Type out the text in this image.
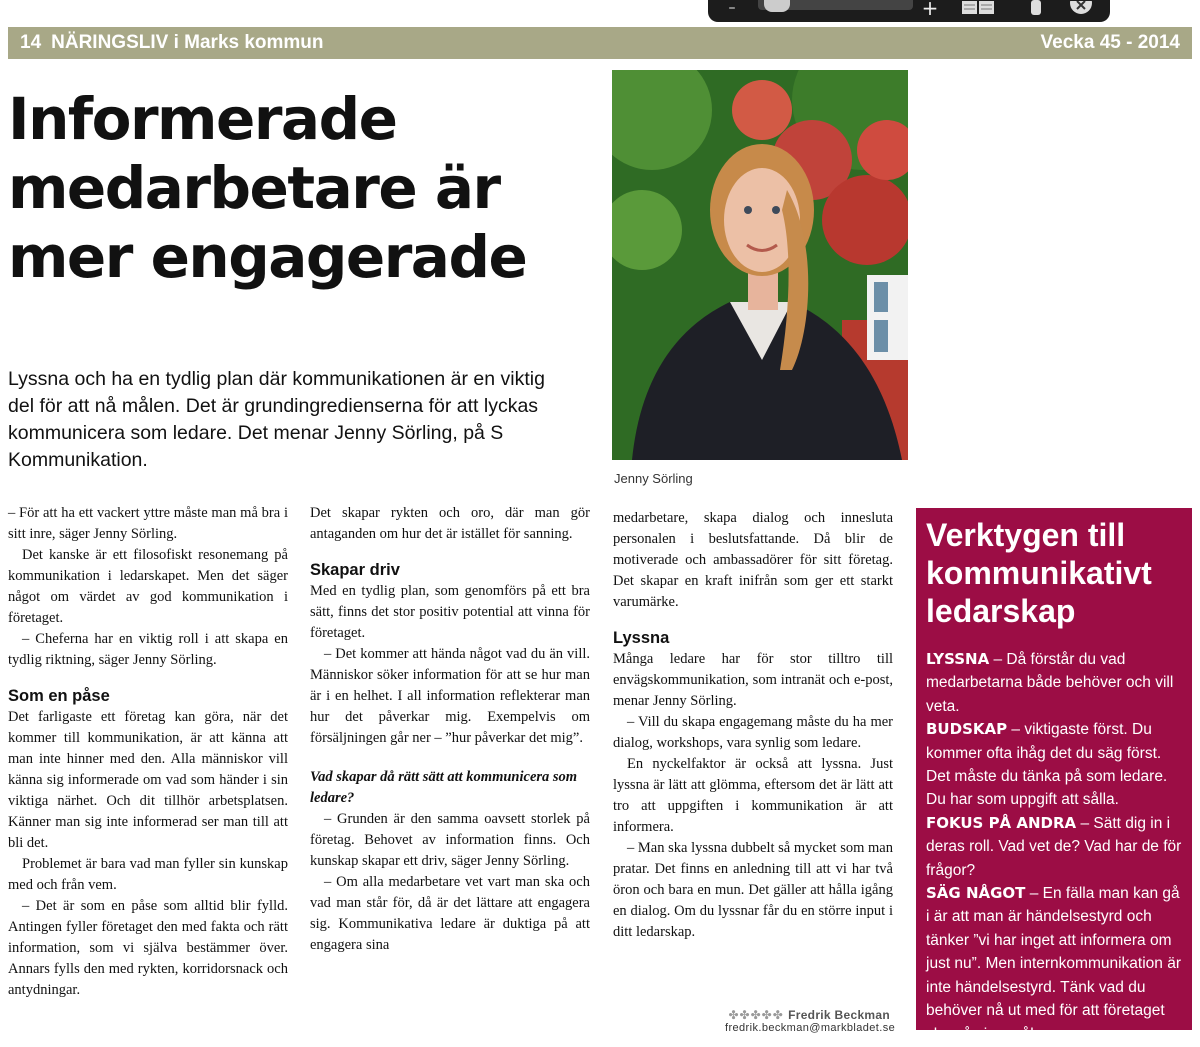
–	+
14 NÄRINGSLIV i Marks kommun	Vecka 45 - 2014
Informerade medarbetare är mer engagerade

Lyssna och ha en tydlig plan där kommunikationen är en viktig del för att nå målen. Det är grundingredienserna för att lyckas kommunicera som ledare. Det menar Jenny Sörling, på S Kommunikation.

Jenny Sörling

– För att ha ett vackert yttre måste man må bra i sitt inre, säger Jenny Sörling.

Det kanske är ett filosofiskt resonemang på kommunikation i ledarskapet. Men det säger något om värdet av god kommunikation i företaget.

– Cheferna har en viktig roll i att skapa en tydlig riktning, säger Jenny Sörling.

Som en påse

Det farligaste ett företag kan göra, när det kommer till kommunikation, är att känna att man inte hinner med den. Alla människor vill känna sig informerade om vad som händer i sin viktiga närhet. Och dit tillhör arbetsplatsen. Känner man sig inte informerad ser man till att bli det.

Problemet är bara vad man fyller sin kunskap med och från vem.

– Det är som en påse som alltid blir fylld. Antingen fyller företaget den med fakta och rätt information, som vi själva bestämmer över. Annars fylls den med rykten, korridorsnack och antydningar.

Det skapar rykten och oro, där man gör antaganden om hur det är istället för sanning.

Skapar driv

Med en tydlig plan, som genomförs på ett bra sätt, finns det stor positiv potential att vinna för företaget.

– Det kommer att hända något vad du än vill. Människor söker information för att se hur man är i en helhet. I all information reflekterar man hur det påverkar mig. Exempelvis om försäljningen går ner – ”hur påverkar det mig”.

Vad skapar då rätt sätt att kommunicera som ledare?

– Grunden är den samma oavsett storlek på företag. Behovet av information finns. Och kunskap skapar ett driv, säger Jenny Sörling.

– Om alla medarbetare vet vart man ska och vad man står för, då är det lättare att engagera sig. Kommunikativa ledare är duktiga på att engagera sina

medarbetare, skapa dialog och innesluta personalen i beslutsfattande. Då blir de motiverade och ambassadörer för sitt företag. Det skapar en kraft inifrån som ger ett starkt varumärke.

Lyssna

Många ledare har för stor tilltro till envägskommunikation, som intranät och e-post, menar Jenny Sörling.

– Vill du skapa engagemang måste du ha mer dialog, workshops, vara synlig som ledare.

En nyckelfaktor är också att lyssna. Just lyssna är lätt att glömma, eftersom det är lätt att tro att uppgiften i kommunikation är att informera.

– Man ska lyssna dubbelt så mycket som man pratar. Det finns en anledning till att vi har två öron och bara en mun. Det gäller att hålla igång en dialog. Om du lyssnar får du en större input i ditt ledarskap.

✤✤✤✤✤ Fredrik Beckman
fredrik.beckman@markbladet.se
Verktygen till kommunikativt ledarskap

LYSSNA – Då förstår du vad medarbetarna både behöver och vill veta.

BUDSKAP – viktigaste först. Du kommer ofta ihåg det du säg först. Det måste du tänka på som ledare. Du har som uppgift att sålla.

FOKUS PÅ ANDRA – Sätt dig in i deras roll. Vad vet de? Vad har de för frågor?

SÄG NÅGOT – En fälla man kan gå i är att man är händelsestyrd och tänker ”vi har inget att informera om just nu”. Men internkommunikation är inte händelsestyrd. Tänk vad du behöver nå ut med för att företaget ska nå sina mål.
